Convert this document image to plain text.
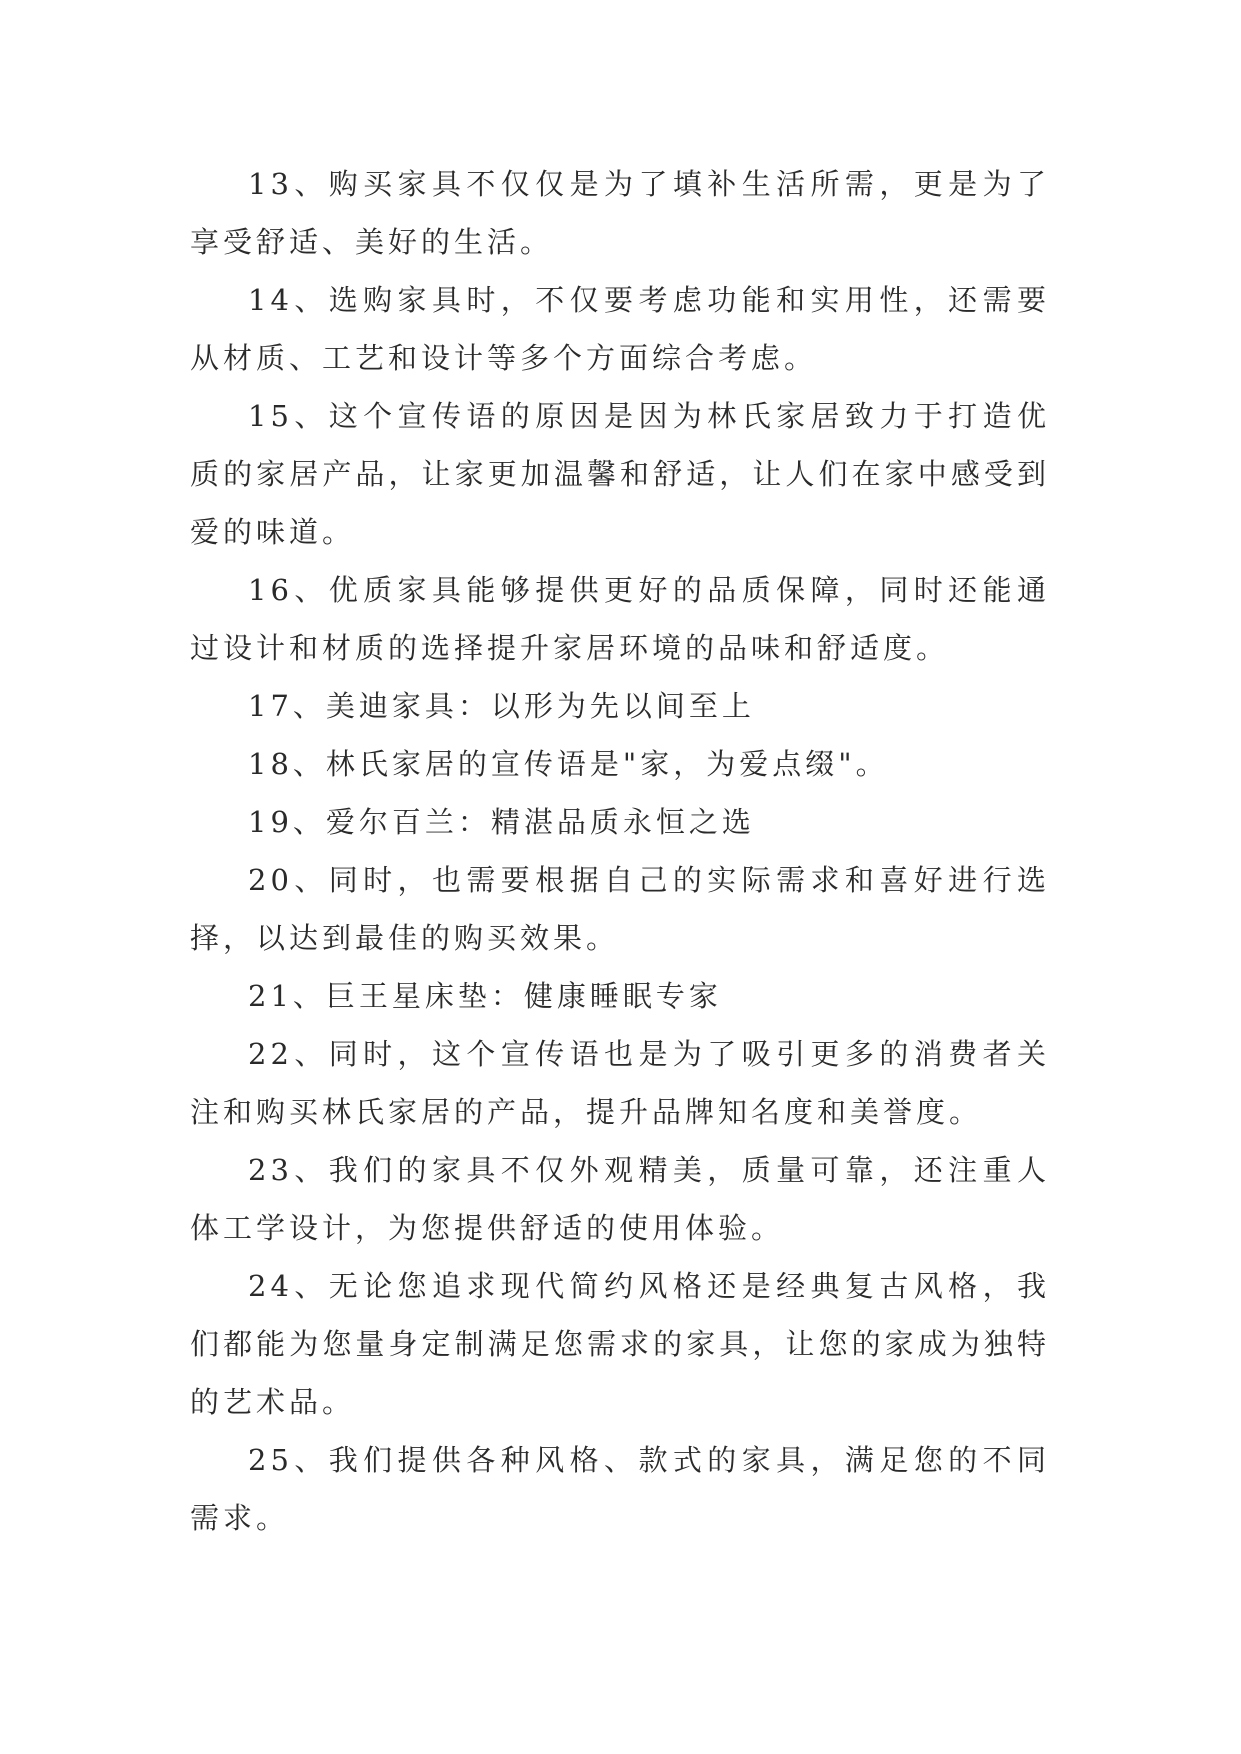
13、购买家具不仅仅是为了填补生活所需，更是为了享受舒适、美好的生活。

14、选购家具时，不仅要考虑功能和实用性，还需要从材质、工艺和设计等多个方面综合考虑。

15、这个宣传语的原因是因为林氏家居致力于打造优质的家居产品，让家更加温馨和舒适，让人们在家中感受到爱的味道。

16、优质家具能够提供更好的品质保障，同时还能通过设计和材质的选择提升家居环境的品味和舒适度。

17、美迪家具：以形为先以间至上

18、林氏家居的宣传语是"家，为爱点缀"。

19、爱尔百兰：精湛品质永恒之选

20、同时，也需要根据自己的实际需求和喜好进行选择，以达到最佳的购买效果。

21、巨王星床垫：健康睡眠专家

22、同时，这个宣传语也是为了吸引更多的消费者关注和购买林氏家居的产品，提升品牌知名度和美誉度。

23、我们的家具不仅外观精美，质量可靠，还注重人体工学设计，为您提供舒适的使用体验。

24、无论您追求现代简约风格还是经典复古风格，我们都能为您量身定制满足您需求的家具，让您的家成为独特的艺术品。

25、我们提供各种风格、款式的家具，满足您的不同需求。
